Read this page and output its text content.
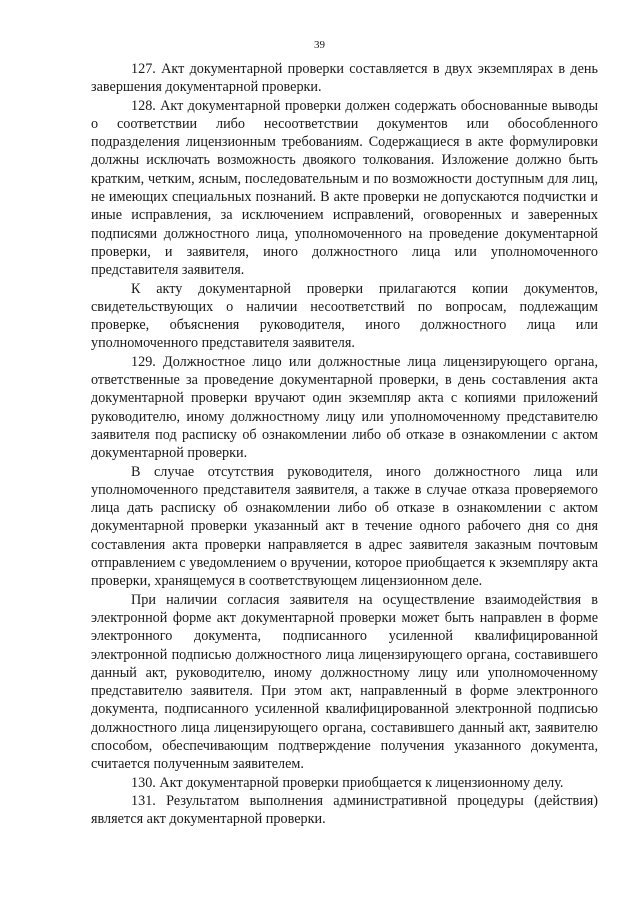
39

127. Акт документарной проверки составляется в двух экземплярах в день завершения документарной проверки.

128. Акт документарной проверки должен содержать обоснованные выводы о соответствии либо несоответствии документов или обособленного подразделения лицензионным требованиям. Содержащиеся в акте формулировки должны исключать возможность двоякого толкования. Изложение должно быть кратким, четким, ясным, последовательным и по возможности доступным для лиц, не имеющих специальных познаний. В акте проверки не допускаются подчистки и иные исправления, за исключением исправлений, оговоренных и заверенных подписями должностного лица, уполномоченного на проведение документарной проверки, и заявителя, иного должностного лица или уполномоченного представителя заявителя.

К акту документарной проверки прилагаются копии документов, свидетельствующих о наличии несоответствий по вопросам, подлежащим проверке, объяснения руководителя, иного должностного лица или уполномоченного представителя заявителя.

129. Должностное лицо или должностные лица лицензирующего органа, ответственные за проведение документарной проверки, в день составления акта документарной проверки вручают один экземпляр акта с копиями приложений руководителю, иному должностному лицу или уполномоченному представителю заявителя под расписку об ознакомлении либо об отказе в ознакомлении с актом документарной проверки.

В случае отсутствия руководителя, иного должностного лица или уполномоченного представителя заявителя, а также в случае отказа проверяемого лица дать расписку об ознакомлении либо об отказе в ознакомлении с актом документарной проверки указанный акт в течение одного рабочего дня со дня составления акта проверки направляется в адрес заявителя заказным почтовым отправлением с уведомлением о вручении, которое приобщается к экземпляру акта проверки, хранящемуся в соответствующем лицензионном деле.

При наличии согласия заявителя на осуществление взаимодействия в электронной форме акт документарной проверки может быть направлен в форме электронного документа, подписанного усиленной квалифицированной электронной подписью должностного лица лицензирующего органа, составившего данный акт, руководителю, иному должностному лицу или уполномоченному представителю заявителя. При этом акт, направленный в форме электронного документа, подписанного усиленной квалифицированной электронной подписью должностного лица лицензирующего органа, составившего данный акт, заявителю способом, обеспечивающим подтверждение получения указанного документа, считается полученным заявителем.

130. Акт документарной проверки приобщается к лицензионному делу.

131. Результатом выполнения административной процедуры (действия) является акт документарной проверки.
